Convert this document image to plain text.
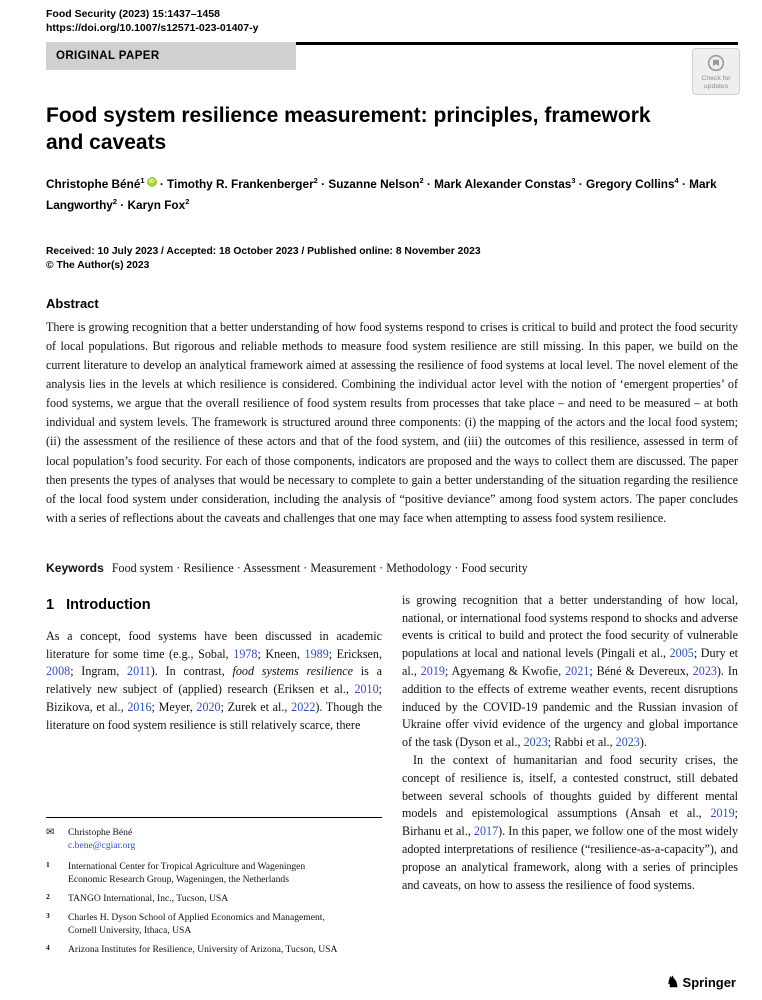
Food Security (2023) 15:1437–1458
https://doi.org/10.1007/s12571-023-01407-y
ORIGINAL PAPER
Check for updates
Food system resilience measurement: principles, framework and caveats
Christophe Béné$^1$ iD · Timothy R. Frankenberger$^2$ · Suzanne Nelson$^2$ · Mark Alexander Constas$^3$ · Gregory Collins$^4$ · Mark Langworthy$^2$ · Karyn Fox$^2$
Received: 10 July 2023 / Accepted: 18 October 2023 / Published online: 8 November 2023
© The Author(s) 2023
Abstract

There is growing recognition that a better understanding of how food systems respond to crises is critical to build and protect the food security of local populations. But rigorous and reliable methods to measure food system resilience are still missing. In this paper, we build on the current literature to develop an analytical framework aimed at assessing the resilience of food systems at local level. The novel element of the analysis lies in the levels at which resilience is considered. Combining the individual actor level with the notion of ‘emergent properties’ of food systems, we argue that the overall resilience of food system results from processes that take place – and need to be measured – at both individual and system levels. The framework is structured around three components: (i) the mapping of the actors and the local food system; (ii) the assessment of the resilience of these actors and that of the food system, and (iii) the outcomes of this resilience, assessed in term of local population’s food security. For each of those components, indicators are proposed and the ways to collect them are discussed. The paper then presents the types of analyses that would be necessary to complete to gain a better understanding of the situation regarding the resilience of the local food system under consideration, including the analysis of “positive deviance” among food system actors. The paper concludes with a series of reflections about the caveats and challenges that one may face when attempting to assess food system resilience.

Keywords Food system · Resilience · Assessment · Measurement · Methodology · Food security

1 Introduction

As a concept, food systems have been discussed in academic literature for some time (e.g., Sobal, 1978; Kneen, 1989; Ericksen, 2008; Ingram, 2011). In contrast, food systems resilience is a relatively new subject of (applied) research (Eriksen et al., 2010; Bizikova, et al., 2016; Meyer, 2020; Zurek et al., 2022). Though the literature on food system resilience is still relatively scarce, there

✉	Christophe Béné
c.bene@cgiar.org
1	International Center for Tropical Agriculture and Wageningen Economic Research Group, Wageningen, the Netherlands
2	TANGO International, Inc., Tucson, USA
3	Charles H. Dyson School of Applied Economics and Management, Cornell University, Ithaca, USA
4	Arizona Institutes for Resilience, University of Arizona, Tucson, USA

is growing recognition that a better understanding of how local, national, or international food systems respond to shocks and adverse events is critical to build and protect the food security of vulnerable populations at local and national levels (Pingali et al., 2005; Dury et al., 2019; Agyemang & Kwofie, 2021; Béné & Devereux, 2023). In addition to the effects of extreme weather events, recent disruptions induced by the COVID-19 pandemic and the Russian invasion of Ukraine offer vivid evidence of the urgency and global importance of the task (Dyson et al., 2023; Rabbi et al., 2023).

In the context of humanitarian and food security crises, the concept of resilience is, itself, a contested construct, still debated between several schools of thoughts guided by different mental models and epistemological assumptions (Ansah et al., 2019; Birhanu et al., 2017). In this paper, we follow one of the most widely adopted interpretations of resilience (“resilience-as-a-capacity”), and propose an analytical framework, along with a series of principles and caveats, on how to assess the resilience of food systems.

♞ Springer
